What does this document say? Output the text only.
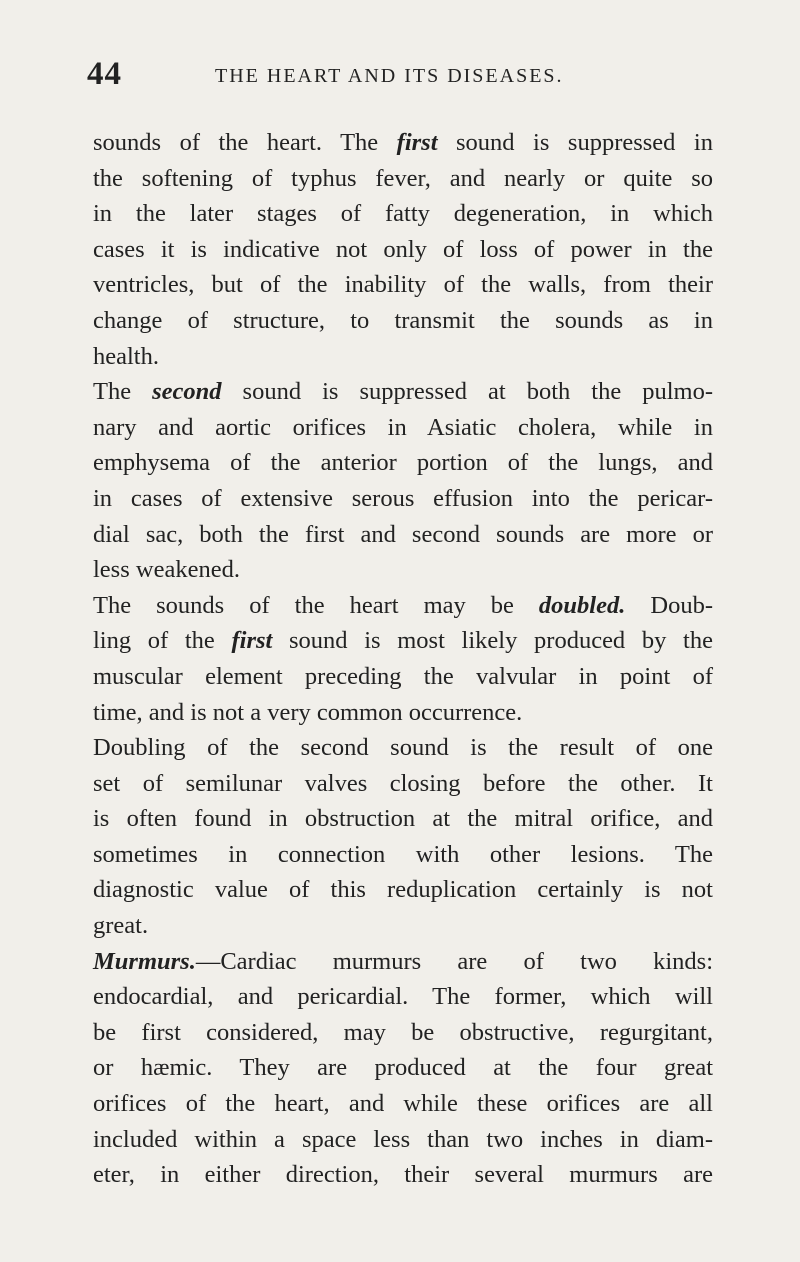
44	THE HEART AND ITS DISEASES.
sounds of the heart. The first sound is suppressed in
the softening of typhus fever, and nearly or quite so
in the later stages of fatty degeneration, in which
cases it is indicative not only of loss of power in the
ventricles, but of the inability of the walls, from their
change of structure, to transmit the sounds as in
health.
The second sound is suppressed at both the pulmo-
nary and aortic orifices in Asiatic cholera, while in
emphysema of the anterior portion of the lungs, and
in cases of extensive serous effusion into the pericar-
dial sac, both the first and second sounds are more or
less weakened.
The sounds of the heart may be doubled. Doub-
ling of the first sound is most likely produced by the
muscular element preceding the valvular in point of
time, and is not a very common occurrence.
Doubling of the second sound is the result of one
set of semilunar valves closing before the other. It
is often found in obstruction at the mitral orifice, and
sometimes in connection with other lesions. The
diagnostic value of this reduplication certainly is not
great.
Murmurs.—Cardiac murmurs are of two kinds:
endocardial, and pericardial. The former, which will
be first considered, may be obstructive, regurgitant,
or hæmic. They are produced at the four great
orifices of the heart, and while these orifices are all
included within a space less than two inches in diam-
eter, in either direction, their several murmurs are
